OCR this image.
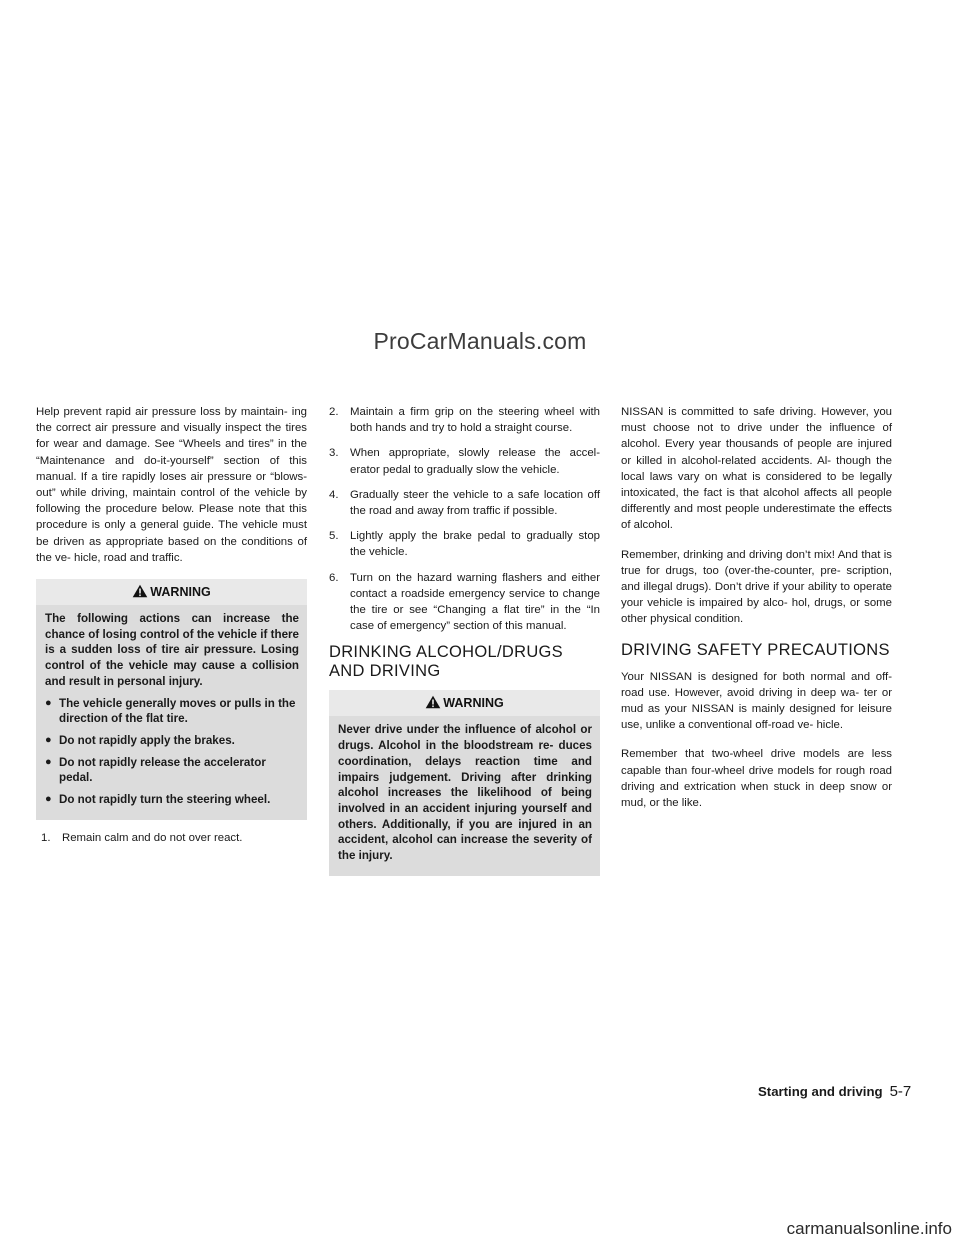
ProCarManuals.com

Help prevent rapid air pressure loss by maintain- ing the correct air pressure and visually inspect the tires for wear and damage. See “Wheels and tires” in the “Maintenance and do-it-yourself” section of this manual. If a tire rapidly loses air pressure or “blows-out” while driving, maintain control of the vehicle by following the procedure below. Please note that this procedure is only a general guide. The vehicle must be driven as appropriate based on the conditions of the ve- hicle, road and traffic.

WARNING

The following actions can increase the chance of losing control of the vehicle if there is a sudden loss of tire air pressure. Losing control of the vehicle may cause a collision and result in personal injury.

● The vehicle generally moves or pulls in the direction of the flat tire.
● Do not rapidly apply the brakes.
● Do not rapidly release the accelerator pedal.
● Do not rapidly turn the steering wheel.
1. Remain calm and do not over react.
2. Maintain a firm grip on the steering wheel with both hands and try to hold a straight course.
3. When appropriate, slowly release the accel- erator pedal to gradually slow the vehicle.
4. Gradually steer the vehicle to a safe location off the road and away from traffic if possible.
5. Lightly apply the brake pedal to gradually stop the vehicle.
6. Turn on the hazard warning flashers and either contact a roadside emergency service to change the tire or see “Changing a flat tire” in the “In case of emergency” section of this manual.
DRINKING ALCOHOL/DRUGS AND DRIVING
WARNING

Never drive under the influence of alcohol or drugs. Alcohol in the bloodstream re- duces coordination, delays reaction time and impairs judgement. Driving after drinking alcohol increases the likelihood of being involved in an accident injuring yourself and others. Additionally, if you are injured in an accident, alcohol can increase the severity of the injury.

NISSAN is committed to safe driving. However, you must choose not to drive under the influence of alcohol. Every year thousands of people are injured or killed in alcohol-related accidents. Al- though the local laws vary on what is considered to be legally intoxicated, the fact is that alcohol affects all people differently and most people underestimate the effects of alcohol.

Remember, drinking and driving don’t mix! And that is true for drugs, too (over-the-counter, pre- scription, and illegal drugs). Don’t drive if your ability to operate your vehicle is impaired by alco- hol, drugs, or some other physical condition.

DRIVING SAFETY PRECAUTIONS

Your NISSAN is designed for both normal and off-road use. However, avoid driving in deep wa- ter or mud as your NISSAN is mainly designed for leisure use, unlike a conventional off-road ve- hicle.

Remember that two-wheel drive models are less capable than four-wheel drive models for rough road driving and extrication when stuck in deep snow or mud, or the like.

Starting and driving 5-7
carmanualsonline.info
